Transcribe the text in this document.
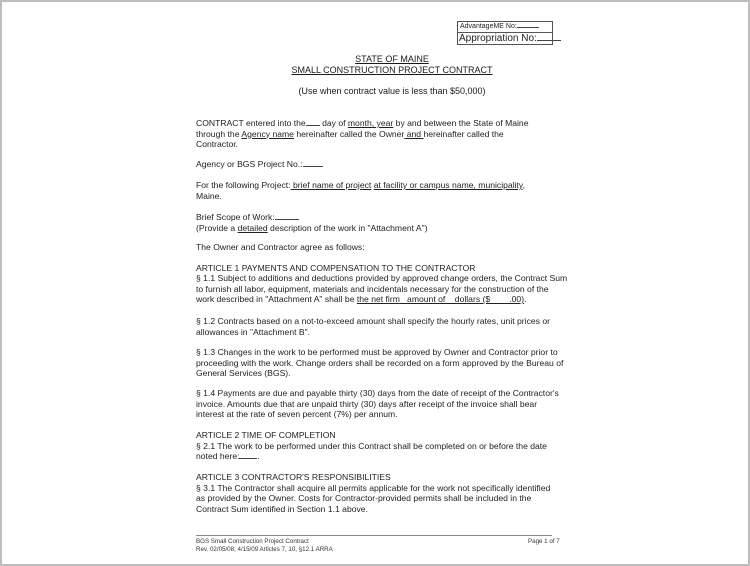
AdvantageME No:
Appropriation No:
STATE OF MAINE
SMALL CONSTRUCTION PROJECT CONTRACT
(Use when contract value is less than $50,000)
CONTRACT entered into the day of month, year by and between the State of Maine
through the Agency name hereinafter called the Owner and hereinafter called the
Contractor.
Agency or BGS Project No.:
For the following Project: brief name of project at facility or campus name, municipality,
Maine.
Brief Scope of Work:
(Provide a detailed description of the work in "Attachment A")
The Owner and Contractor agree as follows:
ARTICLE 1 PAYMENTS AND COMPENSATION TO THE CONTRACTOR
§ 1.1 Subject to additions and deductions provided by approved change orders, the Contract Sum
to furnish all labor, equipment, materials and incidentals necessary for the construction of the
work described in "Attachment A" shall be the net firm   amount of    dollars ($        .00).
§ 1.2 Contracts based on a not-to-exceed amount shall specify the hourly rates, unit prices or
allowances in "Attachment B".
§ 1.3 Changes in the work to be performed must be approved by Owner and Contractor prior to
proceeding with the work. Change orders shall be recorded on a form approved by the Bureau of
General Services (BGS).
§ 1.4 Payments are due and payable thirty (30) days from the date of receipt of the Contractor's
invoice. Amounts due that are unpaid thirty (30) days after receipt of the invoice shall bear
interest at the rate of seven percent (7%) per annum.
ARTICLE 2 TIME OF COMPLETION
§ 2.1 The work to be performed under this Contract shall be completed on or before the date
noted here: .
ARTICLE 3 CONTRACTOR'S RESPONSIBILITIES
§ 3.1 The Contractor shall acquire all permits applicable for the work not specifically identified
as provided by the Owner. Costs for Contractor-provided permits shall be included in the
Contract Sum identified in Section 1.1 above.
BGS Small Construction Project Contract
Rev. 02/05/08; 4/15/09 Articles 7, 10, §12.1 ARRA
Page 1 of 7
